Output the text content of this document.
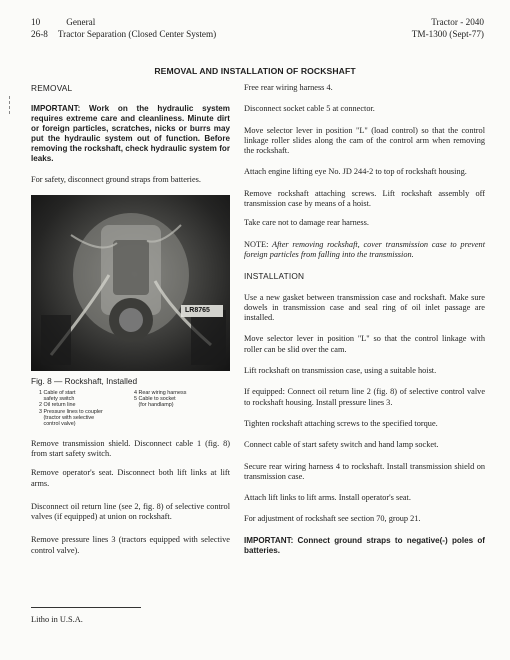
10	General	Tractor - 2040
26-8 Tractor Separation (Closed Center System)	TM-1300 (Sept-77)
REMOVAL AND INSTALLATION OF ROCKSHAFT

REMOVAL

IMPORTANT: Work on the hydraulic system requires extreme care and cleanliness. Minute dirt or foreign particles, scratches, nicks or burrs may put the hydraulic system out of function. Before removing the rockshaft, check hydraulic system for leaks.

For safety, disconnect ground straps from batteries.

LR8765

Fig. 8 — Rockshaft, Installed

1 Cable of start
safety switch
2 Oil return line
3 Pressure lines to coupler
(tractor with selective
control valve)
4 Rear wiring harness
5 Cable to socket
(for handlamp)

Remove transmission shield. Disconnect cable 1 (fig. 8) from start safety switch.

Remove operator's seat. Disconnect both lift links at lift arms.

Disconnect oil return line (see 2, fig. 8) of selective control valves (if equipped) at union on rockshaft.

Remove pressure lines 3 (tractors equipped with selective control valve).

Free rear wiring harness 4.

Disconnect socket cable 5 at connector.

Move selector lever in position "L" (load control) so that the control linkage roller slides along the cam of the control arm when removing the rockshaft.

Attach engine lifting eye No. JD 244-2 to top of rockshaft housing.

Remove rockshaft attaching screws. Lift rockshaft assembly off transmission case by means of a hoist.

Take care not to damage rear harness.

NOTE: After removing rockshaft, cover transmission case to prevent foreign particles from falling into the transmission.

INSTALLATION

Use a new gasket between transmission case and rockshaft. Make sure dowels in transmission case and seal ring of oil inlet passage are installed.

Move selector lever in position "L" so that the control linkage with roller can be slid over the cam.

Lift rockshaft on transmission case, using a suitable hoist.

If equipped: Connect oil return line 2 (fig. 8) of selective control valve to rockshaft housing. Install pressure lines 3.

Tighten rockshaft attaching screws to the specified torque.

Connect cable of start safety switch and hand lamp socket.

Secure rear wiring harness 4 to rockshaft. Install transmission shield on transmission case.

Attach lift links to lift arms. Install operator's seat.

For adjustment of rockshaft see section 70, group 21.

IMPORTANT: Connect ground straps to negative(-) poles of batteries.

Litho in U.S.A.
